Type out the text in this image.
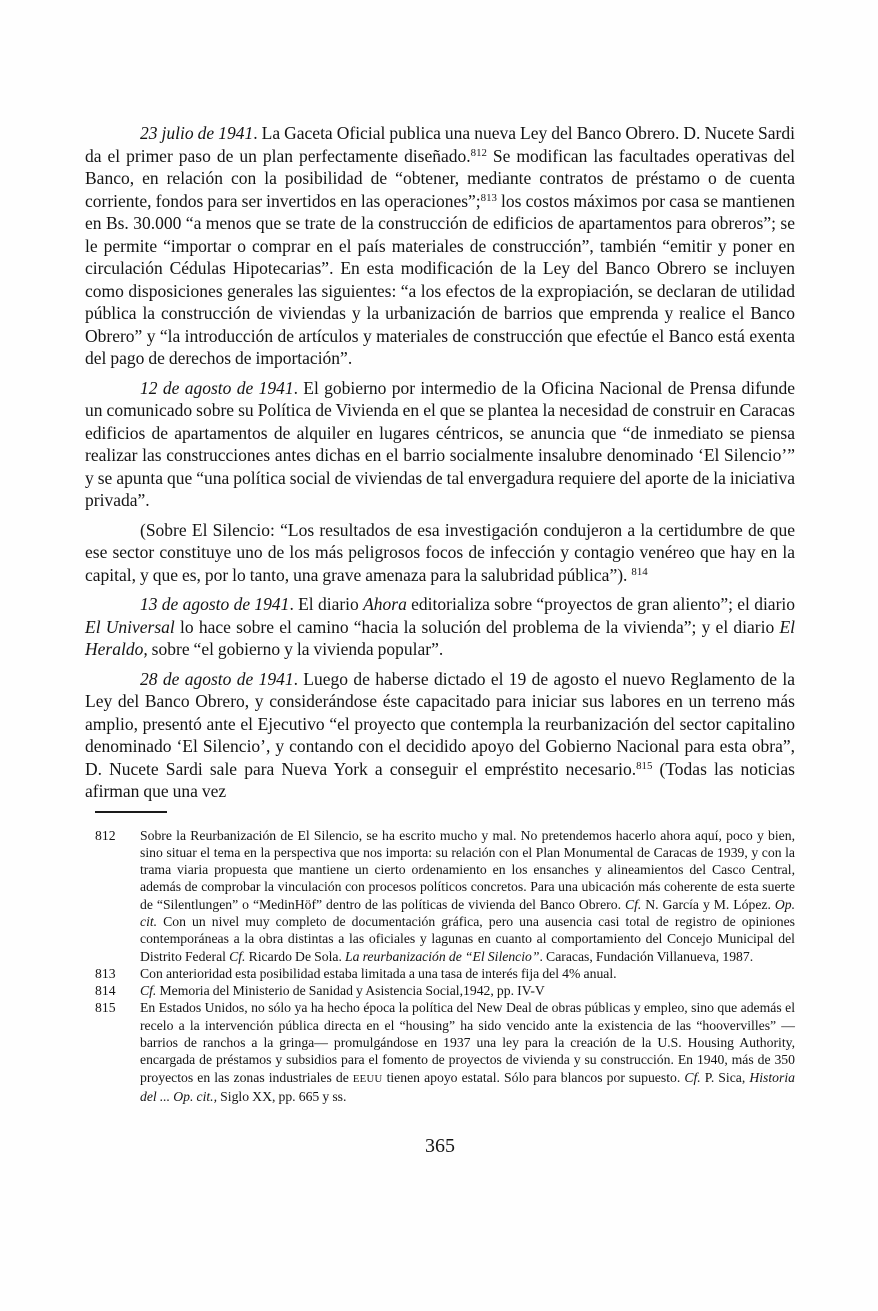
23 julio de 1941. La Gaceta Oficial publica una nueva Ley del Banco Obrero. D. Nucete Sardi da el primer paso de un plan perfectamente diseñado.$^{812}$ Se modifican las facultades operativas del Banco, en relación con la posibilidad de “obtener, mediante contratos de préstamo o de cuenta corriente, fondos para ser invertidos en las operaciones”;$^{813}$ los costos máximos por casa se mantienen en Bs. 30.000 “a menos que se trate de la construcción de edificios de apartamentos para obreros”; se le permite “importar o comprar en el país materiales de construcción”, también “emitir y poner en circulación Cédulas Hipotecarias”. En esta modificación de la Ley del Banco Obrero se incluyen como disposiciones generales las siguientes: “a los efectos de la expropiación, se declaran de utilidad pública la construcción de viviendas y la urbanización de barrios que emprenda y realice el Banco Obrero” y “la introducción de artículos y materiales de construcción que efectúe el Banco está exenta del pago de derechos de importación”.

12 de agosto de 1941. El gobierno por intermedio de la Oficina Nacional de Prensa difunde un comunicado sobre su Política de Vivienda en el que se plantea la necesidad de construir en Caracas edificios de apartamentos de alquiler en lugares céntricos, se anuncia que “de inmediato se piensa realizar las construcciones antes dichas en el barrio socialmente insalubre denominado ‘El Silencio’” y se apunta que “una política social de viviendas de tal envergadura requiere del aporte de la iniciativa privada”.

(Sobre El Silencio: “Los resultados de esa investigación condujeron a la certidumbre de que ese sector constituye uno de los más peligrosos focos de infección y contagio venéreo que hay en la capital, y que es, por lo tanto, una grave amenaza para la salubridad pública”). $^{814}$

13 de agosto de 1941. El diario Ahora editorializa sobre “proyectos de gran aliento”; el diario El Universal lo hace sobre el camino “hacia la solución del problema de la vivienda”; y el diario El Heraldo, sobre “el gobierno y la vivienda popular”.

28 de agosto de 1941. Luego de haberse dictado el 19 de agosto el nuevo Reglamento de la Ley del Banco Obrero, y considerándose éste capacitado para iniciar sus labores en un terreno más amplio, presentó ante el Ejecutivo “el proyecto que contempla la reurbanización del sector capitalino denominado ‘El Silencio’, y contando con el decidido apoyo del Gobierno Nacional para esta obra”, D. Nucete Sardi sale para Nueva York a conseguir el empréstito necesario.$^{815}$ (Todas las noticias afirman que una vez

812	Sobre la Reurbanización de El Silencio, se ha escrito mucho y mal. No pretendemos hacerlo ahora aquí, poco y bien, sino situar el tema en la perspectiva que nos importa: su relación con el Plan Monumental de Caracas de 1939, y con la trama viaria propuesta que mantiene un cierto ordenamiento en los ensanches y alineamientos del Casco Central, además de comprobar la vinculación con procesos políticos concretos. Para una ubicación más coherente de esta suerte de “Silentlungen” o “MedinHöf” dentro de las políticas de vivienda del Banco Obrero. Cf. N. García y M. López. Op. cit. Con un nivel muy completo de documentación gráfica, pero una ausencia casi total de registro de opiniones contemporáneas a la obra distintas a las oficiales y lagunas en cuanto al comportamiento del Concejo Municipal del Distrito Federal Cf. Ricardo De Sola. La reurbanización de “El Silencio”. Caracas, Fundación Villanueva, 1987.
813	Con anterioridad esta posibilidad estaba limitada a una tasa de interés fija del 4% anual.
814	Cf. Memoria del Ministerio de Sanidad y Asistencia Social,1942, pp. IV-V
815	En Estados Unidos, no sólo ya ha hecho época la política del New Deal de obras públicas y empleo, sino que además el recelo a la intervención pública directa en el “housing” ha sido vencido ante la existencia de las “hoovervilles” —barrios de ranchos a la gringa— promulgándose en 1937 una ley para la creación de la U.S. Housing Authority, encargada de préstamos y subsidios para el fomento de proyectos de vivienda y su construcción. En 1940, más de 350 proyectos en las zonas industriales de EEUU tienen apoyo estatal. Sólo para blancos por supuesto. Cf. P. Sica, Historia del ... Op. cit., Siglo XX, pp. 665 y ss.
365
